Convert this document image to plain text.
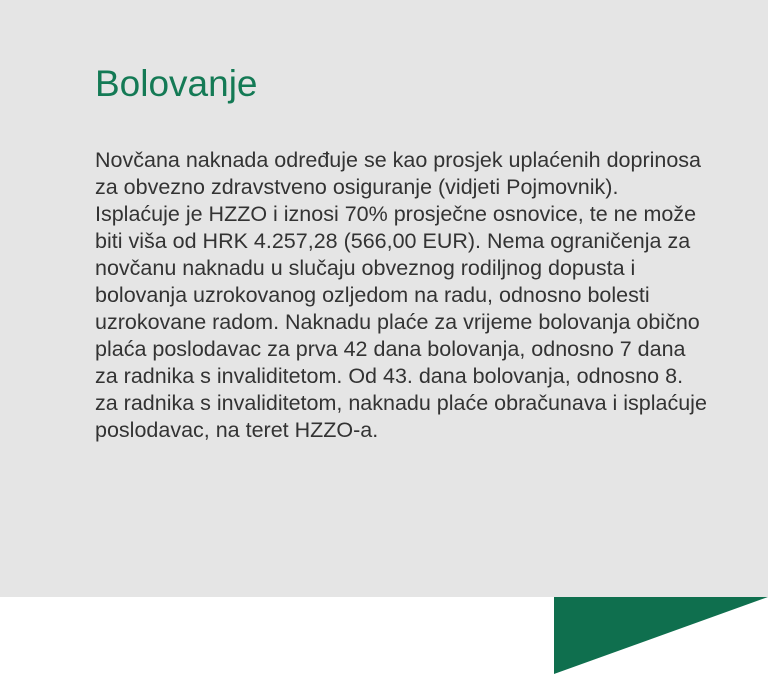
Bolovanje

Novčana naknada određuje se kao prosjek uplaćenih doprinosa za obvezno zdravstveno osiguranje (vidjeti Pojmovnik). Isplaćuje je HZZO i iznosi 70% prosječne osnovice, te ne može biti viša od HRK 4.257,28 (566,00 EUR). Nema ograničenja za novčanu naknadu u slučaju obveznog rodiljnog dopusta i bolovanja uzrokovanog ozljedom na radu, odnosno bolesti uzrokovane radom. Naknadu plaće za vrijeme bolovanja obično plaća poslodavac za prva 42 dana bolovanja, odnosno 7 dana za radnika s invaliditetom. Od 43. dana bolovanja, odnosno 8. za radnika s invaliditetom, naknadu plaće obračunava i isplaćuje poslodavac, na teret HZZO-a.
